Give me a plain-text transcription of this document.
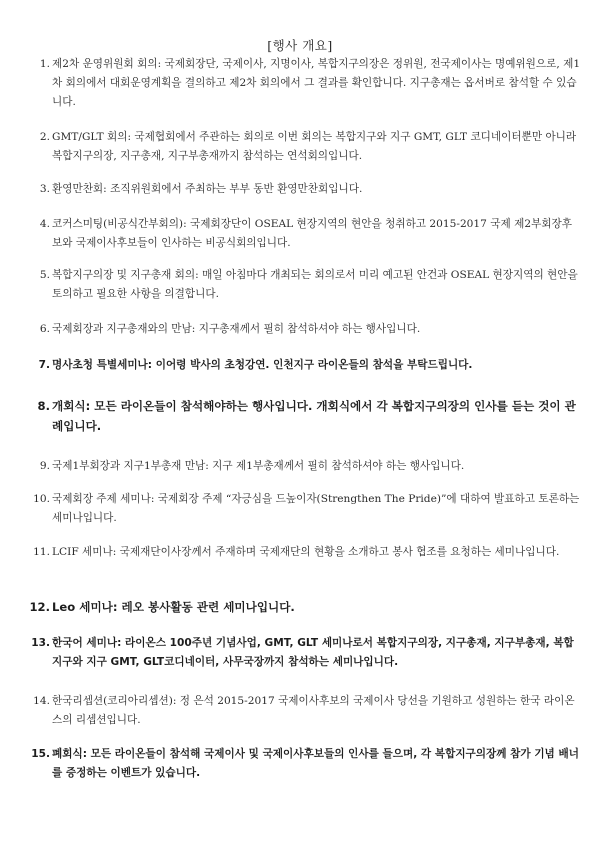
[행사 개요]
1. 제2차 운영위원회 회의: 국제회장단, 국제이사, 지명이사, 복합지구의장은 정위원, 전국제이사는 명예위원으로, 제1차 회의에서 대회운영계획을 결의하고 제2차 회의에서 그 결과를 확인합니다. 지구총재는 옵서버로 참석할 수 있습니다.
2. GMT/GLT 회의: 국제협회에서 주관하는 회의로 이번 회의는 복합지구와 지구 GMT, GLT 코디네이터뿐만 아니라 복합지구의장, 지구총재, 지구부총재까지 참석하는 연석회의입니다.
3. 환영만찬회: 조직위원회에서 주최하는 부부 동반 환영만찬회입니다.
4. 코커스미팅(비공식간부회의): 국제회장단이 OSEAL 현장지역의 현안을 청취하고 2015-2017 국제 제2부회장후보와 국제이사후보들이 인사하는 비공식회의입니다.
5. 복합지구의장 및 지구총재 회의: 매일 아침마다 개최되는 회의로서 미리 예고된 안건과 OSEAL 현장지역의 현안을 토의하고 필요한 사항을 의결합니다.
6. 국제회장과 지구총재와의 만남: 지구총재께서 필히 참석하셔야 하는 행사입니다.
7. 명사초청 특별세미나: 이어령 박사의 초청강연. 인천지구 라이온들의 참석을 부탁드립니다.
8. 개회식: 모든 라이온들이 참석해야하는 행사입니다. 개회식에서 각 복합지구의장의 인사를 듣는 것이 관례입니다.
9. 국제1부회장과 지구1부총재 만남: 지구 제1부총재께서 필히 참석하셔야 하는 행사입니다.
10. 국제회장 주제 세미나: 국제회장 주제 “자긍심을 드높이자(Strengthen The Pride)”에 대하여 발표하고 토론하는 세미나입니다.
11. LCIF 세미나: 국제재단이사장께서 주재하며 국제재단의 현황을 소개하고 봉사 협조를 요청하는 세미나입니다.
12. Leo 세미나: 레오 봉사활동 관련 세미나입니다.
13. 한국어 세미나: 라이온스 100주년 기념사업, GMT, GLT 세미나로서 복합지구의장, 지구총재, 지구부총재, 복합지구와 지구 GMT, GLT코디네이터, 사무국장까지 참석하는 세미나입니다.
14. 한국리셉션(코리아리셉션): 정 은석 2015-2017 국제이사후보의 국제이사 당선을 기원하고 성원하는 한국 라이온스의 리셉션입니다.
15. 폐회식: 모든 라이온들이 참석해 국제이사 및 국제이사후보들의 인사를 들으며, 각 복합지구의장께 참가 기념 배너를 증정하는 이벤트가 있습니다.
